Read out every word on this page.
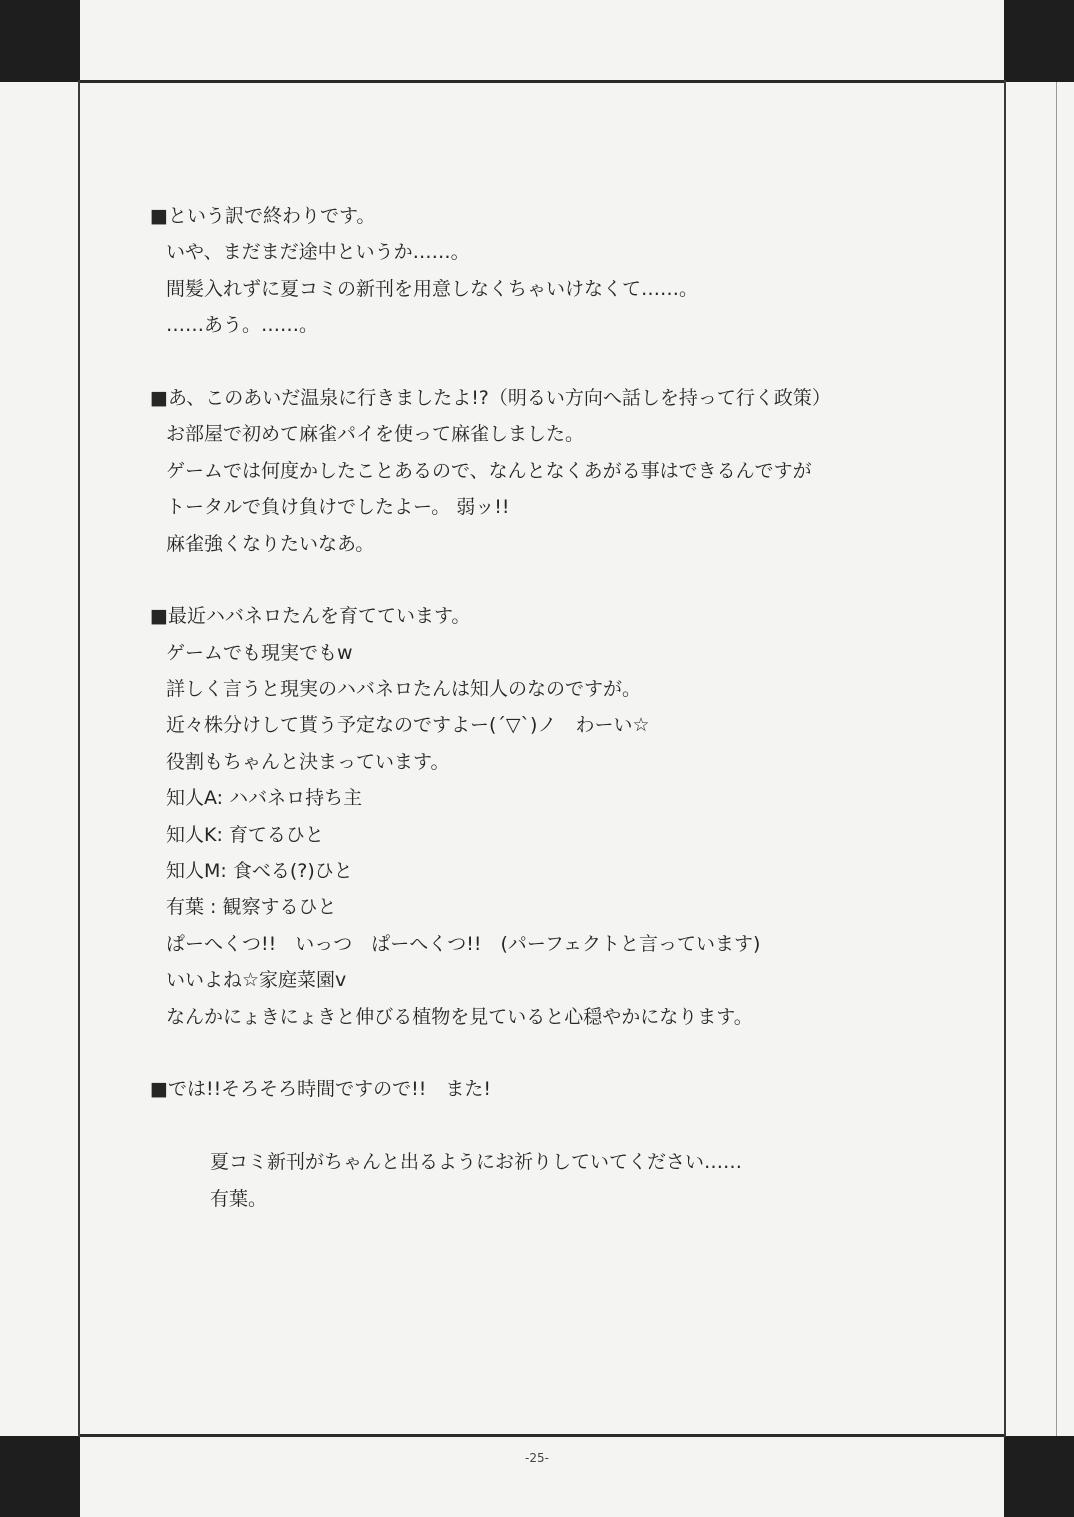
■という訳で終わりです。
いや、まだまだ途中というか……。
間髪入れずに夏コミの新刊を用意しなくちゃいけなくて……。
……あう。……。
■あ、このあいだ温泉に行きましたよ!?（明るい方向へ話しを持って行く政策）
お部屋で初めて麻雀パイを使って麻雀しました。
ゲームでは何度かしたことあるので、なんとなくあがる事はできるんですが
トータルで負け負けでしたよー。 弱ッ!!
麻雀強くなりたいなあ。
■最近ハバネロたんを育てています。
ゲームでも現実でもw
詳しく言うと現実のハバネロたんは知人のなのですが。
近々株分けして貰う予定なのですよー(´▽`)ノ　わーい☆
役割もちゃんと決まっています。
知人A: ハバネロ持ち主
知人K: 育てるひと
知人M: 食べる(?)ひと
有葉 : 観察するひと
ぱーへくつ!!　いっつ　ぱーへくつ!!　(パーフェクトと言っています)
いいよね☆家庭菜園v
なんかにょきにょきと伸びる植物を見ていると心穏やかになります。
■では!!そろそろ時間ですので!!　また!
夏コミ新刊がちゃんと出るようにお祈りしていてください……
有葉。
-25-
